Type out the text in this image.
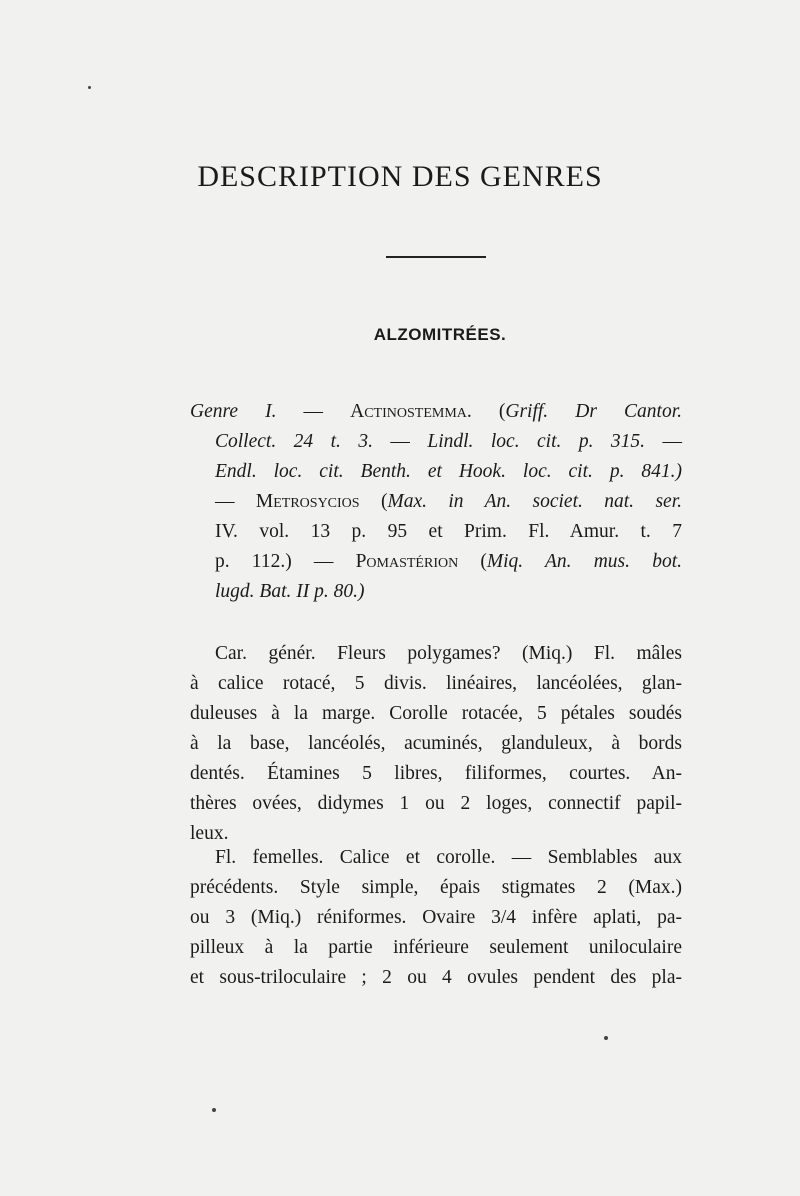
DESCRIPTION DES GENRES
ALZOMITRÉES.
Genre I. — Actinostemma. (Griff. Dr Cantor.
Collect. 24 t. 3. — Lindl. loc. cit. p. 315. —
Endl. loc. cit. Benth. et Hook. loc. cit. p. 841.)
— Metrosycios (Max. in An. societ. nat. ser.
IV. vol. 13 p. 95 et Prim. Fl. Amur. t. 7
p. 112.) — Pomastérion (Miq. An. mus. bot.
lugd. Bat. II p. 80.)
Car. génér. Fleurs polygames? (Miq.) Fl. mâles
à calice rotacé, 5 divis. linéaires, lancéolées, glan-
duleuses à la marge. Corolle rotacée, 5 pétales soudés
à la base, lancéolés, acuminés, glanduleux, à bords
dentés. Étamines 5 libres, filiformes, courtes. An-
thères ovées, didymes 1 ou 2 loges, connectif papil-
leux.
Fl. femelles. Calice et corolle. — Semblables aux
précédents. Style simple, épais stigmates 2 (Max.)
ou 3 (Miq.) réniformes. Ovaire 3/4 infère aplati, pa-
pilleux à la partie inférieure seulement uniloculaire
et sous-triloculaire ; 2 ou 4 ovules pendent des pla-
